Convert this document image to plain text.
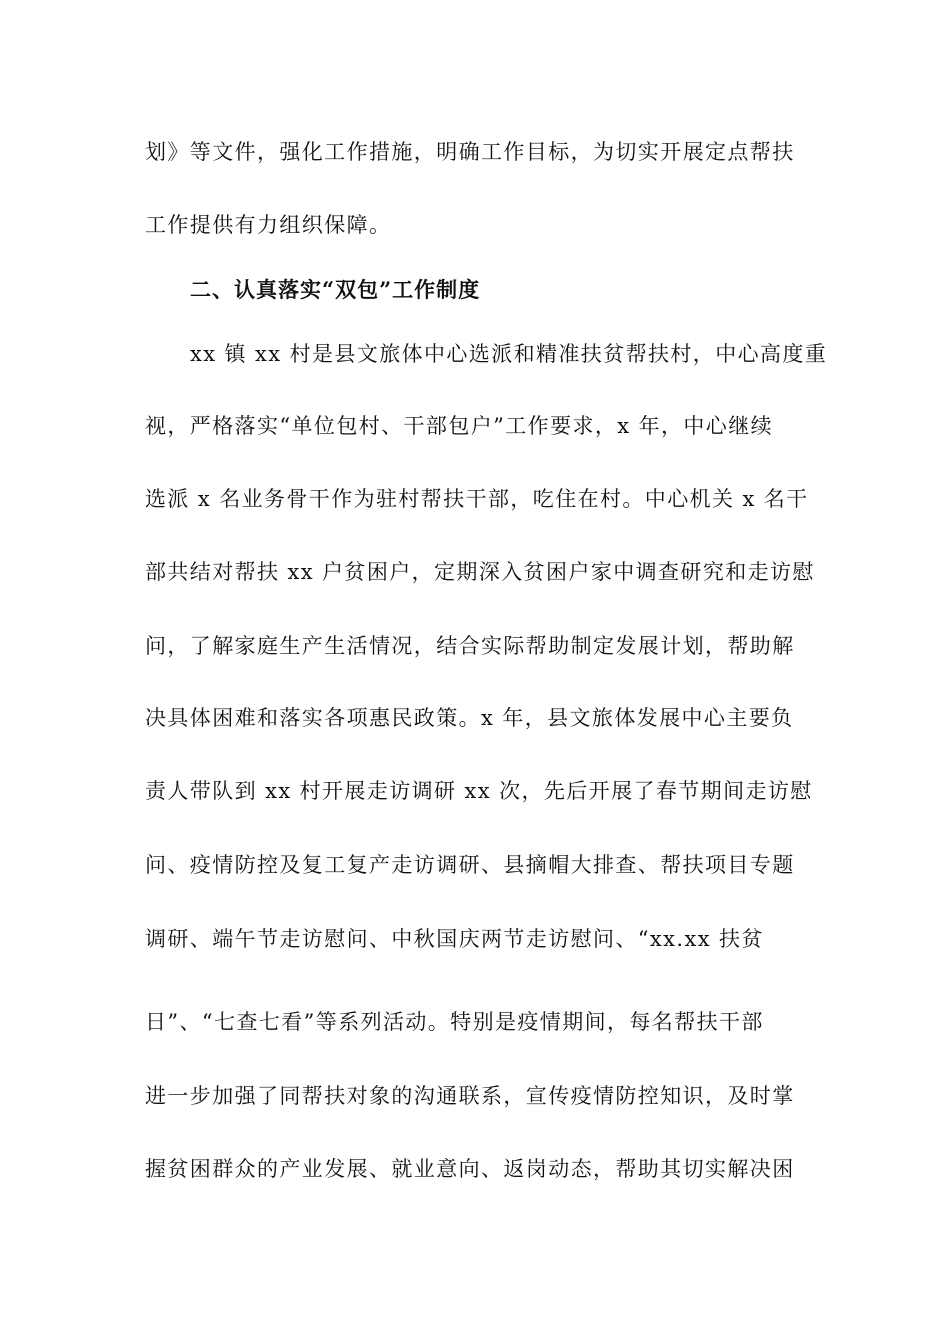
划》等文件，强化工作措施，明确工作目标，为切实开展定点帮扶
工作提供有力组织保障。
二、认真落实“双包”工作制度
xx 镇 xx 村是县文旅体中心选派和精准扶贫帮扶村，中心高度重
视，严格落实“单位包村、干部包户”工作要求，x 年，中心继续
选派 x 名业务骨干作为驻村帮扶干部，吃住在村。中心机关 x 名干
部共结对帮扶 xx 户贫困户，定期深入贫困户家中调查研究和走访慰
问，了解家庭生产生活情况，结合实际帮助制定发展计划，帮助解
决具体困难和落实各项惠民政策。x 年，县文旅体发展中心主要负
责人带队到 xx 村开展走访调研 xx 次，先后开展了春节期间走访慰
问、疫情防控及复工复产走访调研、县摘帽大排查、帮扶项目专题
调研、端午节走访慰问、中秋国庆两节走访慰问、“xx.xx 扶贫
日”、“七查七看”等系列活动。特别是疫情期间，每名帮扶干部
进一步加强了同帮扶对象的沟通联系，宣传疫情防控知识，及时掌
握贫困群众的产业发展、就业意向、返岗动态，帮助其切实解决困
